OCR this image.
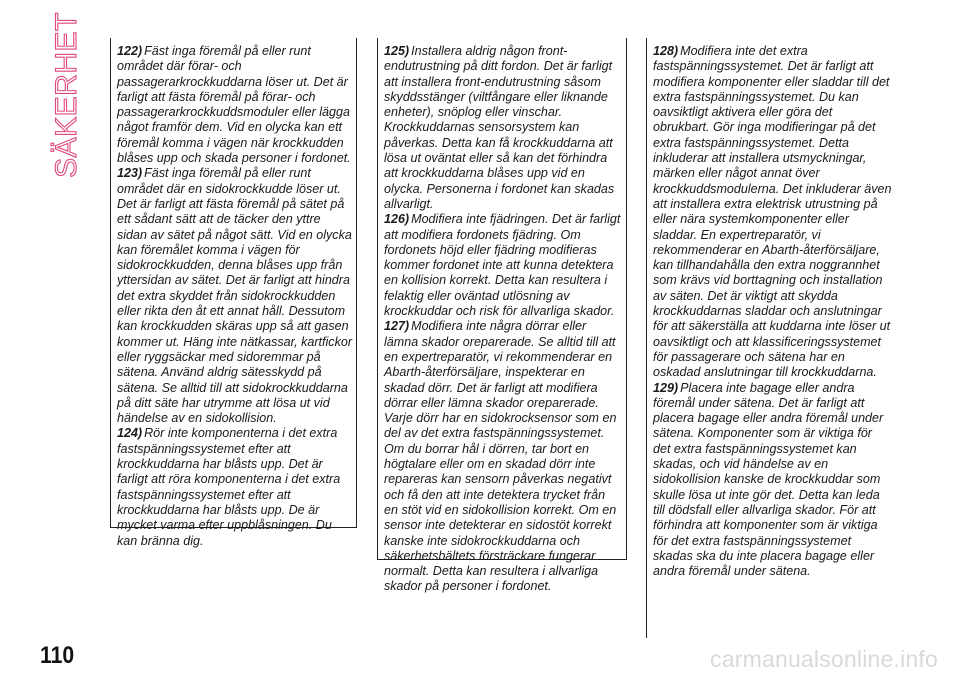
SÄKERHET	122) Fäst inga föremål på eller runt området där förar- och passagerarkrockkuddarna löser ut. Det är farligt att fästa föremål på förar- och passagerarkrockkuddsmoduler eller lägga något framför dem. Vid en olycka kan ett föremål komma i vägen när krockkudden blåses upp och skada personer i fordonet.

123) Fäst inga föremål på eller runt området där en sidokrockkudde löser ut. Det är farligt att fästa föremål på sätet på ett sådant sätt att de täcker den yttre sidan av sätet på något sätt. Vid en olycka kan föremålet komma i vägen för sidokrockkudden, denna blåses upp från yttersidan av sätet. Det är farligt att hindra det extra skyddet från sidokrockkudden eller rikta den åt ett annat håll. Dessutom kan krockkudden skäras upp så att gasen kommer ut. Häng inte nätkassar, kartfickor eller ryggsäckar med sidoremmar på sätena. Använd aldrig sätesskydd på sätena. Se alltid till att sidokrockkuddarna på ditt säte har utrymme att lösa ut vid händelse av en sidokollision.

124) Rör inte komponenterna i det extra fastspänningssystemet efter att krockkuddarna har blåsts upp. Det är farligt att röra komponenterna i det extra fastspänningssystemet efter att krockkuddarna har blåsts upp. De är mycket varma efter uppblåsningen. Du kan bränna dig.

125) Installera aldrig någon front-endutrustning på ditt fordon. Det är farligt att installera front-endutrustning såsom skyddsstänger (viltfångare eller liknande enheter), snöplog eller vinschar. Krockkuddarnas sensorsystem kan påverkas. Detta kan få krockkuddarna att lösa ut oväntat eller så kan det förhindra att krockkuddarna blåses upp vid en olycka. Personerna i fordonet kan skadas allvarligt.

126) Modifiera inte fjädringen. Det är farligt att modifiera fordonets fjädring. Om fordonets höjd eller fjädring modifieras kommer fordonet inte att kunna detektera en kollision korrekt. Detta kan resultera i felaktig eller oväntad utlösning av krockkuddar och risk för allvarliga skador.

127) Modifiera inte några dörrar eller lämna skador oreparerade. Se alltid till att en expertreparatör, vi rekommenderar en Abarth-återförsäljare, inspekterar en skadad dörr. Det är farligt att modifiera dörrar eller lämna skador oreparerade. Varje dörr har en sidokrocksensor som en del av det extra fastspänningssystemet. Om du borrar hål i dörren, tar bort en högtalare eller om en skadad dörr inte repareras kan sensorn påverkas negativt och få den att inte detektera trycket från en stöt vid en sidokollision korrekt. Om en sensor inte detekterar en sidostöt korrekt kanske inte sidokrockkuddarna och säkerhetsbältets försträckare fungerar normalt. Detta kan resultera i allvarliga skador på personer i fordonet.

128) Modifiera inte det extra fastspänningssystemet. Det är farligt att modifiera komponenter eller sladdar till det extra fastspänningssystemet. Du kan oavsiktligt aktivera eller göra det obrukbart. Gör inga modifieringar på det extra fastspänningssystemet. Detta inkluderar att installera utsmyckningar, märken eller något annat över krockkuddsmodulerna. Det inkluderar även att installera extra elektrisk utrustning på eller nära systemkomponenter eller sladdar. En expertreparatör, vi rekommenderar en Abarth-återförsäljare, kan tillhandahålla den extra noggrannhet som krävs vid borttagning och installation av säten. Det är viktigt att skydda krockkuddarnas sladdar och anslutningar för att säkerställa att kuddarna inte löser ut oavsiktligt och att klassificeringssystemet för passagerare och sätena har en oskadad anslutningar till krockkuddarna.

129) Placera inte bagage eller andra föremål under sätena. Det är farligt att placera bagage eller andra föremål under sätena. Komponenter som är viktiga för det extra fastspänningssystemet kan skadas, och vid händelse av en sidokollision kanske de krockkuddar som skulle lösa ut inte gör det. Detta kan leda till dödsfall eller allvarliga skador. För att förhindra att komponenter som är viktiga för det extra fastspänningssystemet skadas ska du inte placera bagage eller andra föremål under sätena.

110	carmanualsonline.info
